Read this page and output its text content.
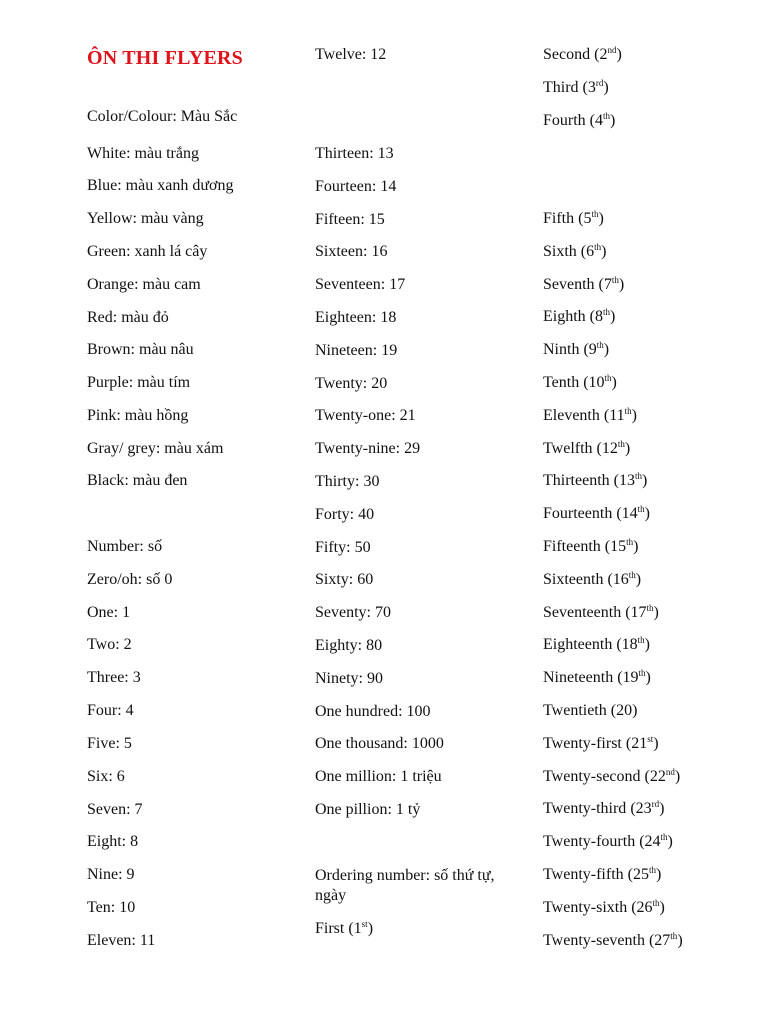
ÔN THI FLYERS
Color/Colour: Màu Sắc
White: màu trắng
Blue: màu xanh dương
Yellow: màu vàng
Green: xanh lá cây
Orange: màu cam
Red: màu đỏ
Brown: màu nâu
Purple: màu tím
Pink: màu hồng
Gray/ grey: màu xám
Black: màu đen
Number: số
Zero/oh: số 0
One: 1
Two: 2
Three: 3
Four: 4
Five: 5
Six: 6
Seven: 7
Eight: 8
Nine: 9
Ten: 10
Eleven: 11
Twelve: 12
Thirteen: 13
Fourteen: 14
Fifteen: 15
Sixteen: 16
Seventeen: 17
Eighteen: 18
Nineteen: 19
Twenty: 20
Twenty-one: 21
Twenty-nine: 29
Thirty: 30
Forty: 40
Fifty: 50
Sixty: 60
Seventy: 70
Eighty: 80
Ninety: 90
One hundred: 100
One thousand: 1000
One million: 1 triệu
One pillion: 1 tỷ
Ordering number: số thứ tự, ngày
First (1st)
Second (2nd)
Third (3rd)
Fourth (4th)
Fifth (5th)
Sixth (6th)
Seventh (7th)
Eighth (8th)
Ninth (9th)
Tenth (10th)
Eleventh (11th)
Twelfth (12th)
Thirteenth (13th)
Fourteenth (14th)
Fifteenth (15th)
Sixteenth (16th)
Seventeenth (17th)
Eighteenth (18th)
Nineteenth (19th)
Twentieth (20)
Twenty-first (21st)
Twenty-second (22nd)
Twenty-third (23rd)
Twenty-fourth (24th)
Twenty-fifth (25th)
Twenty-sixth (26th)
Twenty-seventh (27th)
